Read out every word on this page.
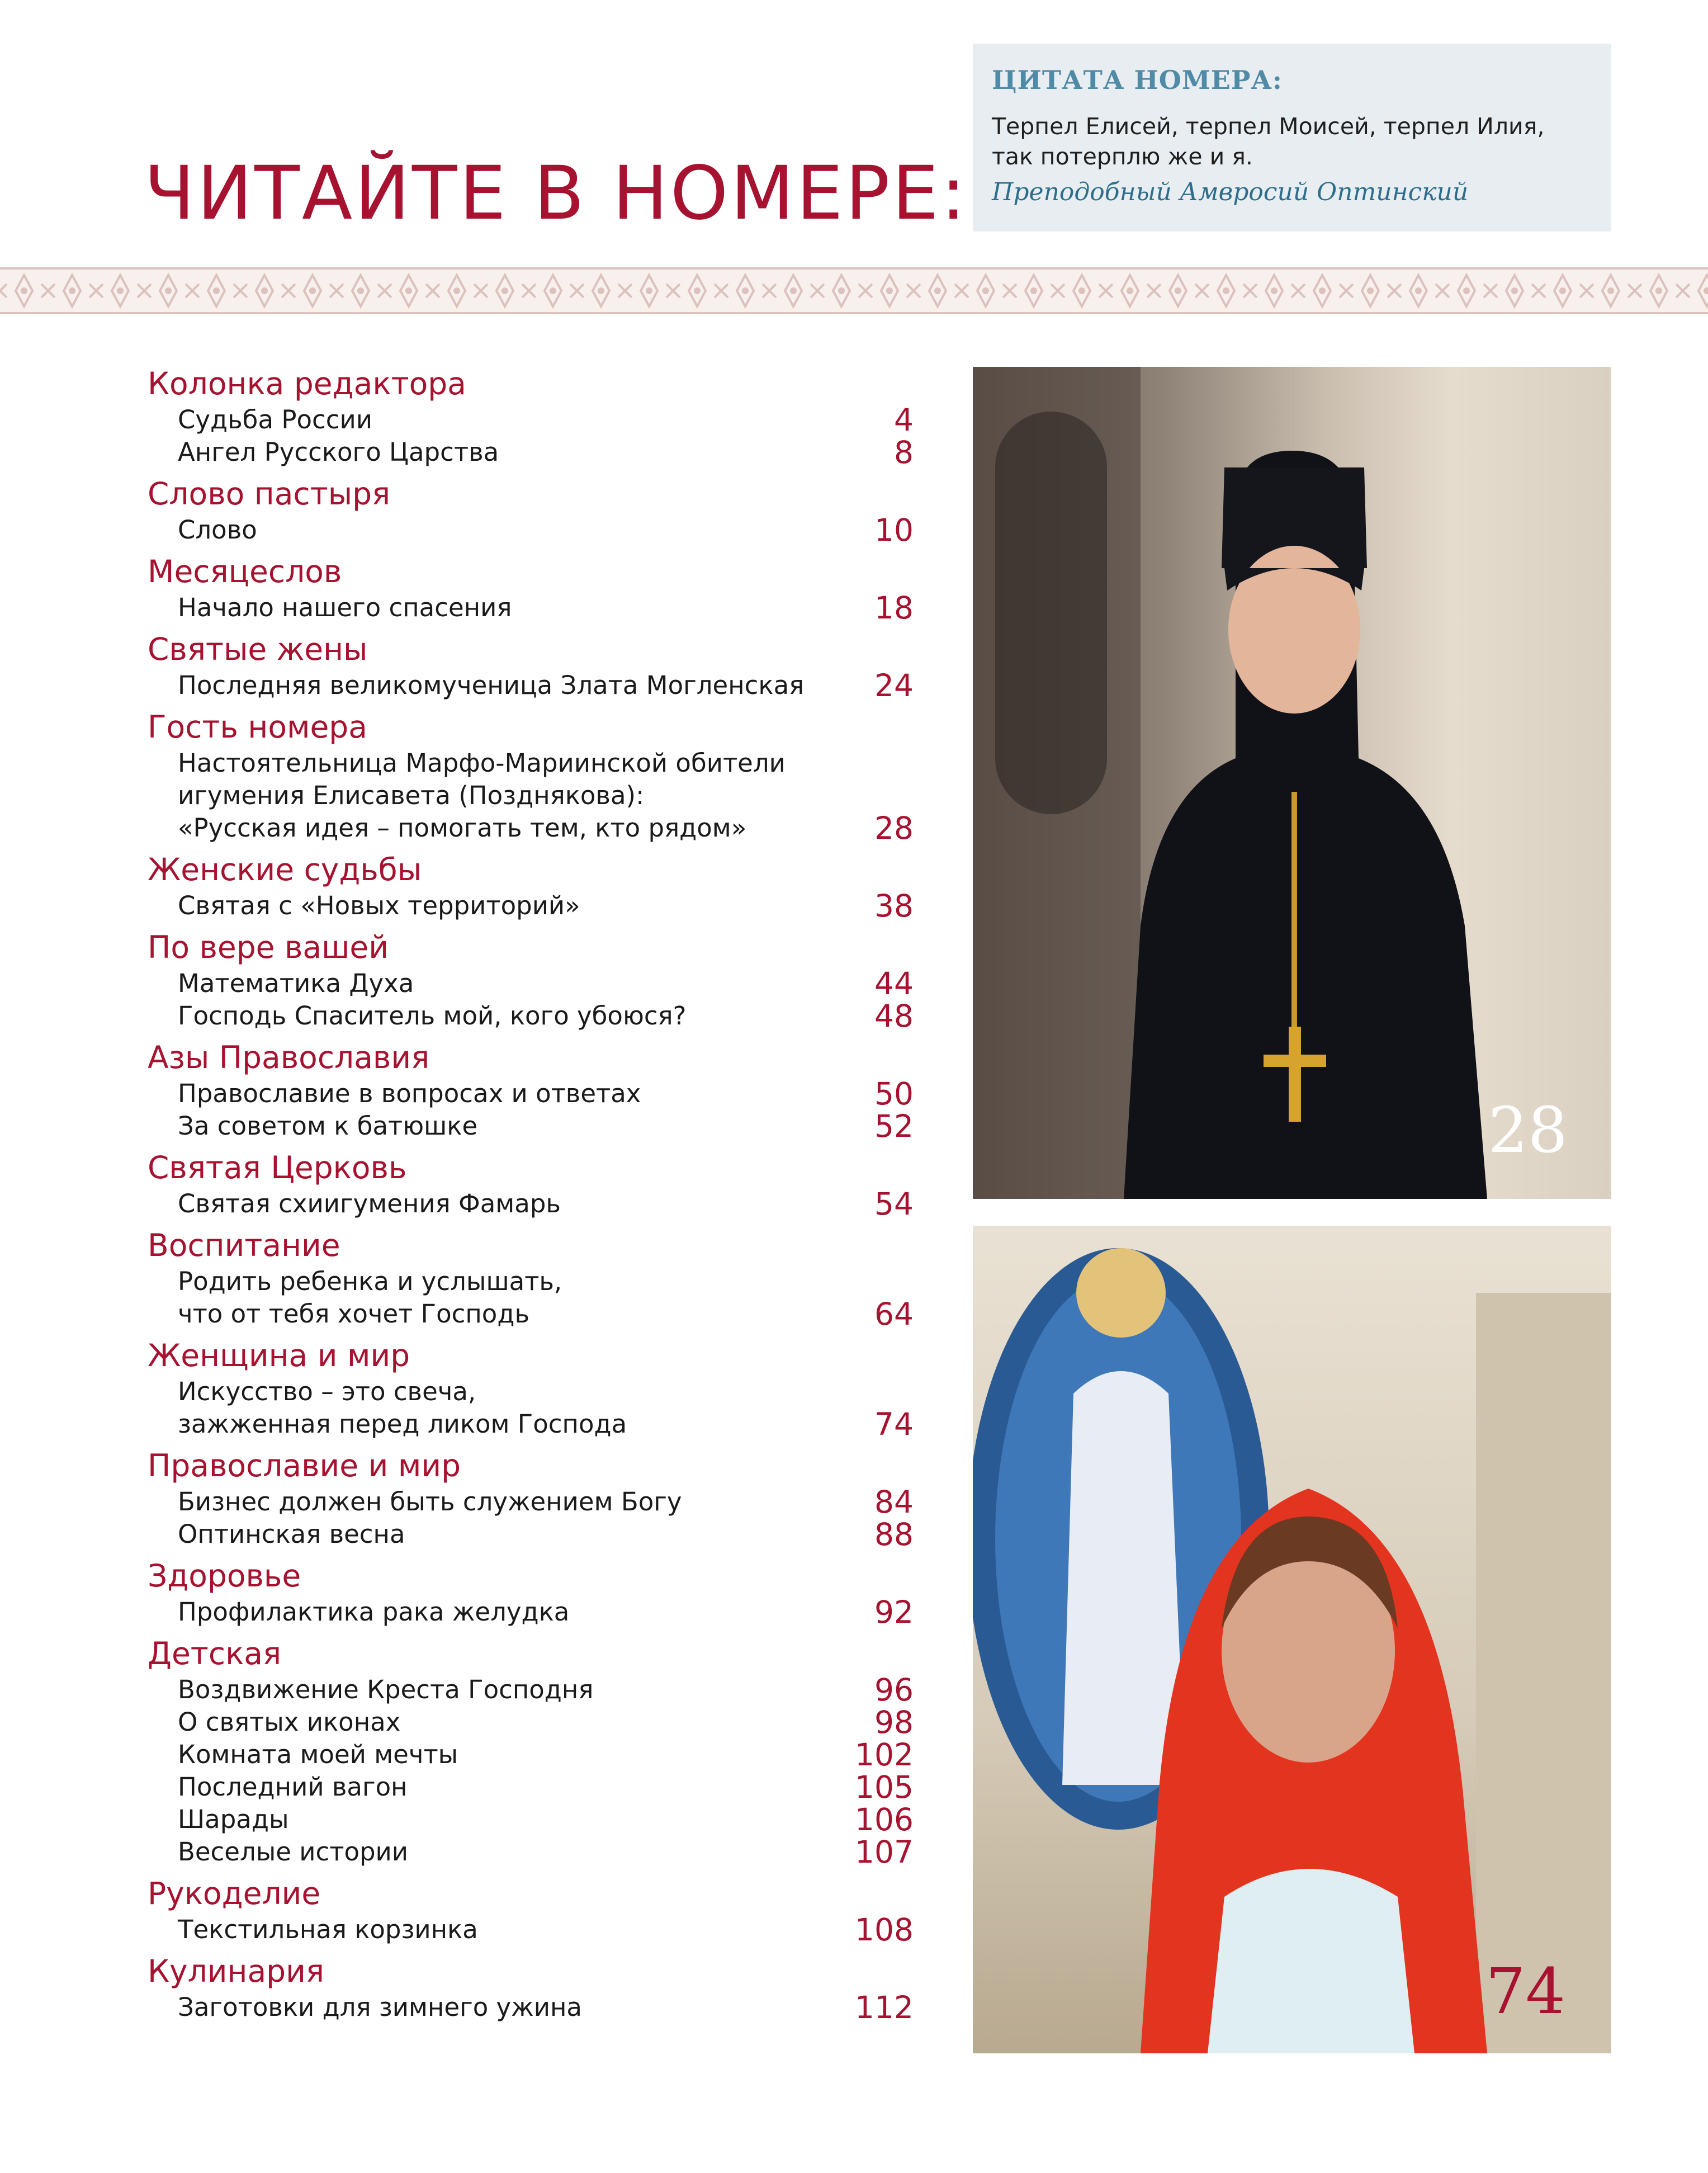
ЧИТАЙТЕ В НОМЕРЕ:
ЦИТАТА НОМЕРА:
Терпел Елисей, терпел Моисей, терпел Илия,
так потерплю же и я.
Преподобный Амвросий Оптинский
Колонка редактора
Судьба России	4
Ангел Русского Царства	8
Слово пастыря
Слово	10
Месяцеслов
Начало нашего спасения	18
Святые жены
Последняя великомученица Злата Могленская 24
Гость номера
Настоятельница Марфо-Мариинской обители
игумения Елисавета (Позднякова):
«Русская идея – помогать тем, кто рядом»	28
Женские судьбы
Святая с «Новых территорий»	38
По вере вашей
Математика Духа	44
Господь Спаситель мой, кого убоюся?	48
Азы Православия
Православие в вопросах и ответах	50
За советом к батюшке	52
Святая Церковь
Святая схиигумения Фамарь	54
Воспитание
Родить ребенка и услышать,
что от тебя хочет Господь	64
Женщина и мир
Искусство – это свеча,
зажженная перед ликом Господа	74
Православие и мир
Бизнес должен быть служением Богу	84
Оптинская весна	88
Здоровье
Профилактика рака желудка	92
Детская
Воздвижение Креста Господня	96
О святых иконах	98
Комната моей мечты	102
Последний вагон	105
Шарады	106
Веселые истории	107
Рукоделие
Текстильная корзинка	108
Кулинария
Заготовки для зимнего ужина	112
28
74
